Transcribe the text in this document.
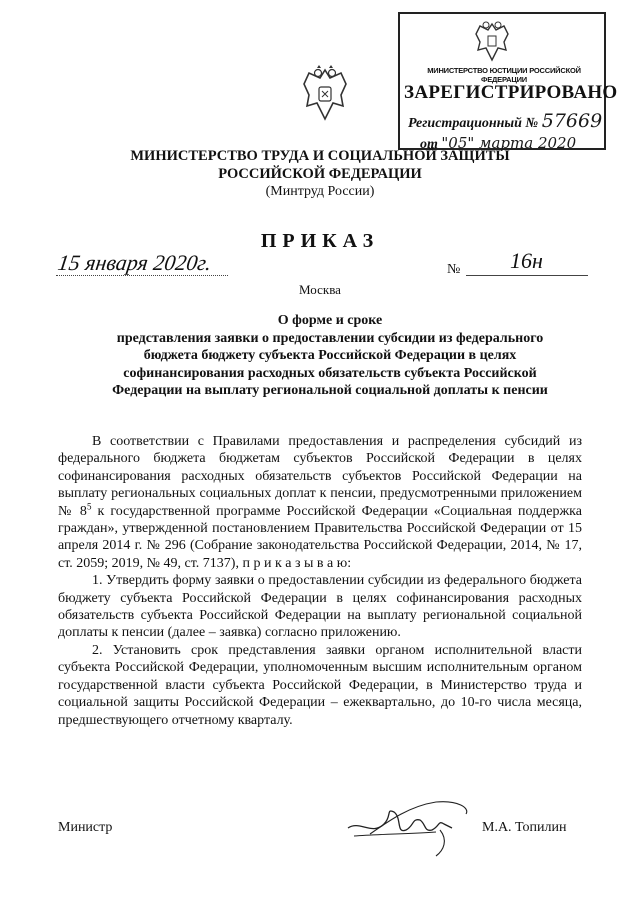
МИНИСТЕРСТВО ЮСТИЦИИ РОССИЙСКОЙ ФЕДЕРАЦИИ
ЗАРЕГИСТРИРОВАНО
Регистрационный № 57669
от "05" марта 2020
МИНИСТЕРСТВО ТРУДА И СОЦИАЛЬНОЙ ЗАЩИТЫ
РОССИЙСКОЙ ФЕДЕРАЦИИ
(Минтруд России)
ПРИКАЗ
15 января 2020г.	№ 16н
Москва
О форме и сроке
представления заявки о предоставлении субсидии из федерального
бюджета бюджету субъекта Российской Федерации в целях
софинансирования расходных обязательств субъекта Российской
Федерации на выплату региональной социальной доплаты к пенсии

В соответствии с Правилами предоставления и распределения субсидий из федерального бюджета бюджетам субъектов Российской Федерации в целях софинансирования расходных обязательств субъектов Российской Федерации на выплату региональных социальных доплат к пенсии, предусмотренными приложением № $8^5$ к государственной программе Российской Федерации «Социальная поддержка граждан», утвержденной постановлением Правительства Российской Федерации от 15 апреля 2014 г. № 296 (Собрание законодательства Российской Федерации, 2014, № 17, ст. 2059; 2019, № 49, ст. 7137), п р и к а з ы в а ю:

1. Утвердить форму заявки о предоставлении субсидии из федерального бюджета бюджету субъекта Российской Федерации в целях софинансирования расходных обязательств субъекта Российской Федерации на выплату региональной социальной доплаты к пенсии (далее – заявка) согласно приложению.

2. Установить срок представления заявки органом исполнительной власти субъекта Российской Федерации, уполномоченным высшим исполнительным органом государственной власти субъекта Российской Федерации, в Министерство труда и социальной защиты Российской Федерации – ежеквартально, до 10-го числа месяца, предшествующего отчетному кварталу.

Министр	М.А. Топилин
